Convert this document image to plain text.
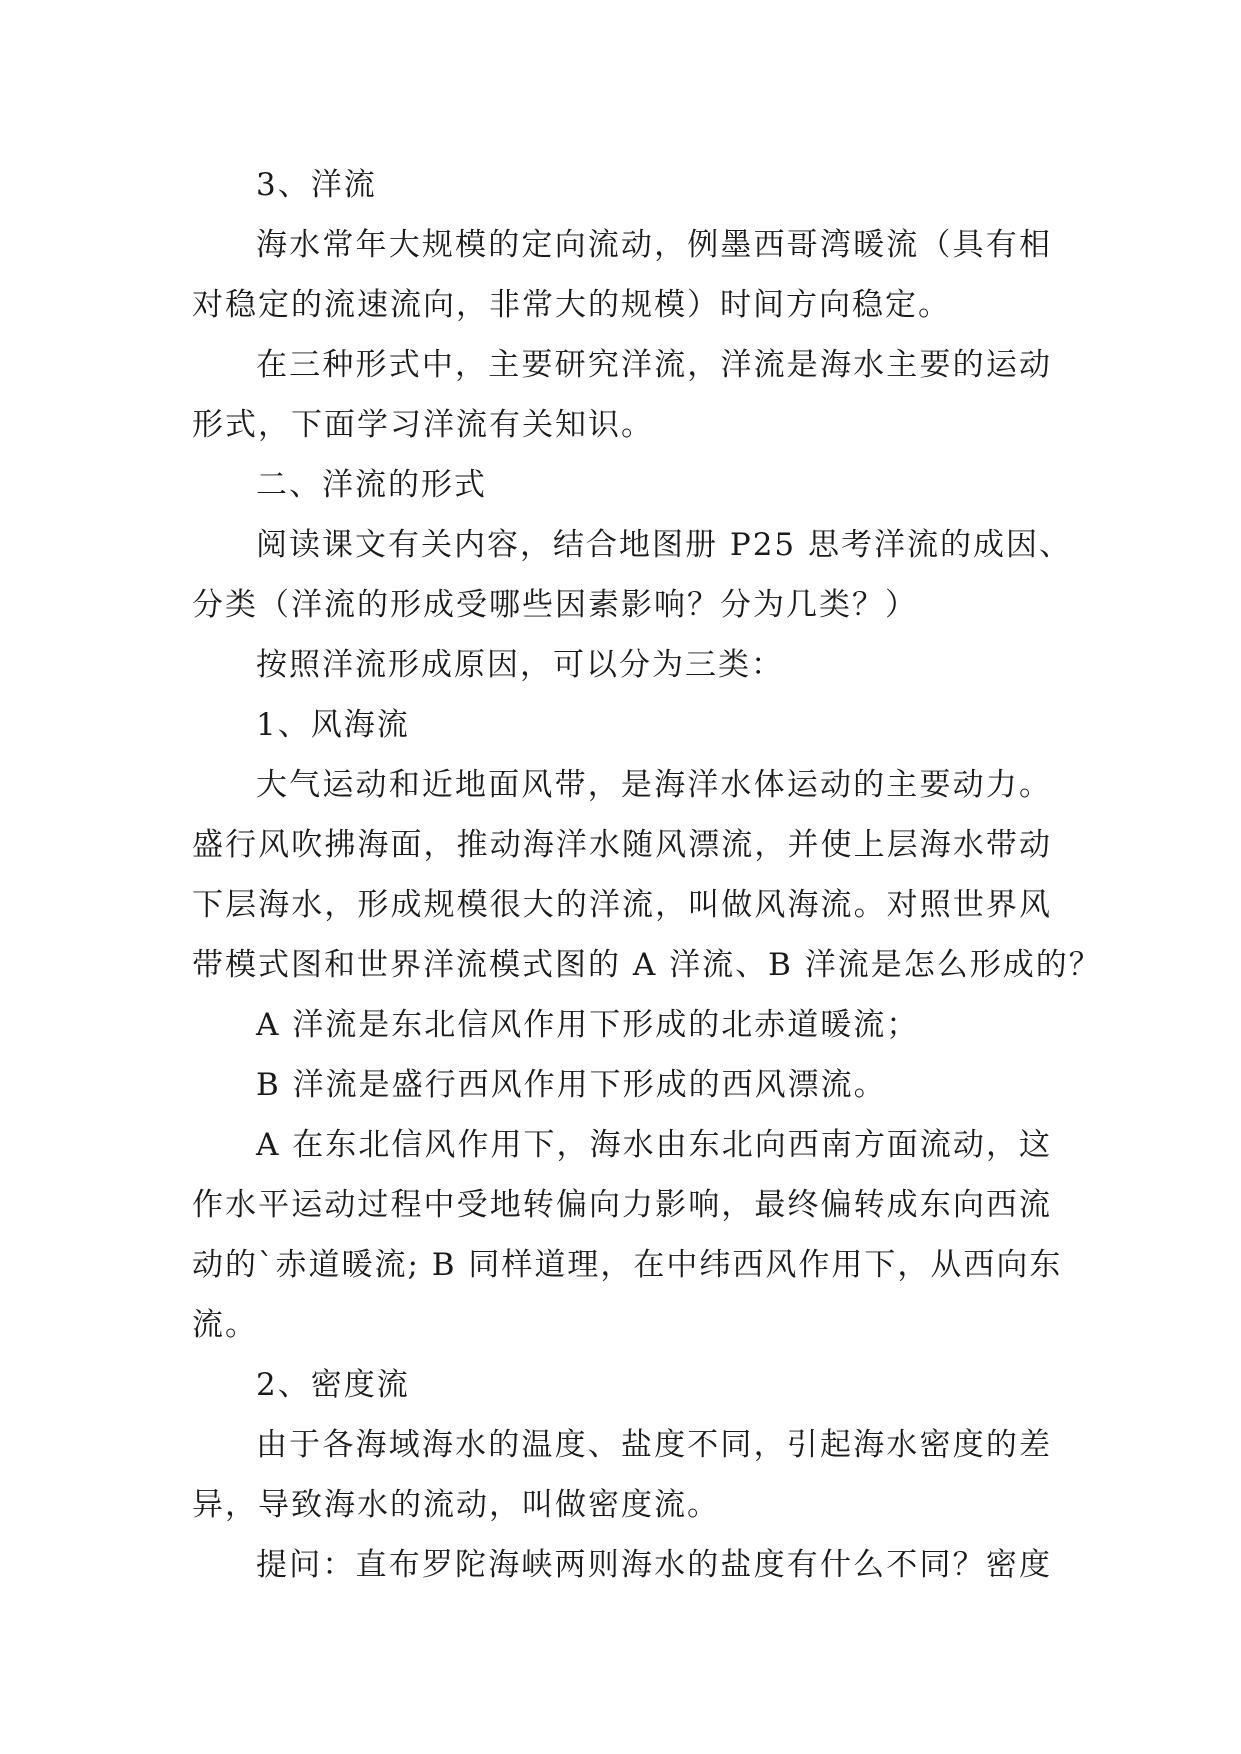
3、洋流
海水常年大规模的定向流动，例墨西哥湾暖流（具有相
对稳定的流速流向，非常大的规模）时间方向稳定。
在三种形式中，主要研究洋流，洋流是海水主要的运动
形式，下面学习洋流有关知识。
二、洋流的形式
阅读课文有关内容，结合地图册 P25 思考洋流的成因、
分类（洋流的形成受哪些因素影响？分为几类？）
按照洋流形成原因，可以分为三类：
1、风海流
大气运动和近地面风带，是海洋水体运动的主要动力。
盛行风吹拂海面，推动海洋水随风漂流，并使上层海水带动
下层海水，形成规模很大的洋流，叫做风海流。对照世界风
带模式图和世界洋流模式图的 A 洋流、B 洋流是怎么形成的？
A 洋流是东北信风作用下形成的北赤道暖流；
B 洋流是盛行西风作用下形成的西风漂流。
A 在东北信风作用下，海水由东北向西南方面流动，这
作水平运动过程中受地转偏向力影响，最终偏转成东向西流
动的`赤道暖流; B 同样道理，在中纬西风作用下，从西向东
流。
2、密度流
由于各海域海水的温度、盐度不同，引起海水密度的差
异，导致海水的流动，叫做密度流。
提问：直布罗陀海峡两则海水的盐度有什么不同？密度
